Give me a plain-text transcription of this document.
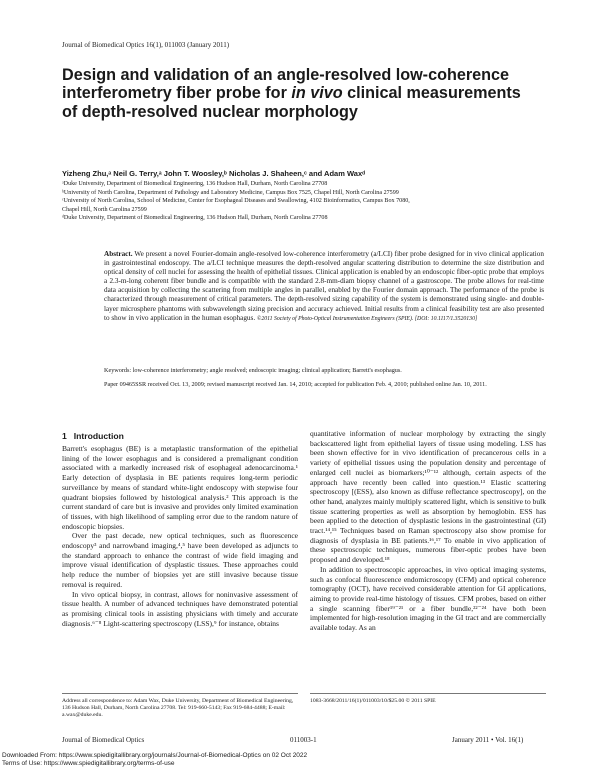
Journal of Biomedical Optics 16(1), 011003 (January 2011)
Design and validation of an angle-resolved low-coherence interferometry fiber probe for in vivo clinical measurements of depth-resolved nuclear morphology
Yizheng Zhu,ᵃ Neil G. Terry,ᵃ John T. Woosley,ᵇ Nicholas J. Shaheen,ᶜ and Adam Waxᵈ
ᵃDuke University, Department of Biomedical Engineering, 136 Hudson Hall, Durham, North Carolina 27708
ᵇUniversity of North Carolina, Department of Pathology and Laboratory Medicine, Campus Box 7525, Chapel Hill, North Carolina 27599
ᶜUniversity of North Carolina, School of Medicine, Center for Esophageal Diseases and Swallowing, 4102 Bioinformatics, Campus Box 7080, Chapel Hill, North Carolina 27599
ᵈDuke University, Department of Biomedical Engineering, 136 Hudson Hall, Durham, North Carolina 27708

Abstract. We present a novel Fourier-domain angle-resolved low-coherence interferometry (a/LCI) fiber probe designed for in vivo clinical application in gastrointestinal endoscopy. The a/LCI technique measures the depth-resolved angular scattering distribution to determine the size distribution and optical density of cell nuclei for assessing the health of epithelial tissues. Clinical application is enabled by an endoscopic fiber-optic probe that employs a 2.3-m-long coherent fiber bundle and is compatible with the standard 2.8-mm-diam biopsy channel of a gastroscope. The probe allows for real-time data acquisition by collecting the scattering from multiple angles in parallel, enabled by the Fourier domain approach. The performance of the probe is characterized through measurement of critical parameters. The depth-resolved sizing capability of the system is demonstrated using single- and double-layer microsphere phantoms with subwavelength sizing precision and accuracy achieved. Initial results from a clinical feasibility test are also presented to show in vivo application in the human esophagus. ©2011 Society of Photo-Optical Instrumentation Engineers (SPIE). [DOI: 10.1117/1.3520130]

Keywords: low-coherence interferometry; angle resolved; endoscopic imaging; clinical application; Barrett's esophagus.
Paper 09465SSR received Oct. 13, 2009; revised manuscript received Jan. 14, 2010; accepted for publication Feb. 4, 2010; published online Jan. 10, 2011.
1 Introduction

Barrett's esophagus (BE) is a metaplastic transformation of the epithelial lining of the lower esophagus and is considered a premalignant condition associated with a markedly increased risk of esophageal adenocarcinoma.¹ Early detection of dysplasia in BE patients requires long-term periodic surveillance by means of standard white-light endoscopy with stepwise four quadrant biopsies followed by histological analysis.² This approach is the current standard of care but is invasive and provides only limited examination of tissues, with high likelihood of sampling error due to the random nature of endoscopic biopsies.

Over the past decade, new optical techniques, such as fluorescence endoscopy³ and narrowband imaging,⁴,⁵ have been developed as adjuncts to the standard approach to enhance the contrast of wide field imaging and improve visual identification of dysplastic tissues. These approaches could help reduce the number of biopsies yet are still invasive because tissue removal is required.

In vivo optical biopsy, in contrast, allows for noninvasive assessment of tissue health. A number of advanced techniques have demonstrated potential as promising clinical tools in assisting physicians with timely and accurate diagnosis.⁶⁻⁸ Light-scattering spectroscopy (LSS),⁹ for instance, obtains

quantitative information of nuclear morphology by extracting the singly backscattered light from epithelial layers of tissue using modeling. LSS has been shown effective for in vivo identification of precancerous cells in a variety of epithelial tissues using the population density and percentage of enlarged cell nuclei as biomarkers;¹⁰⁻¹² although, certain aspects of the approach have recently been called into question.¹³ Elastic scattering spectroscopy [(ESS), also known as diffuse reflectance spectroscopy], on the other hand, analyzes mainly multiply scattered light, which is sensitive to bulk tissue scattering properties as well as absorption by hemoglobin. ESS has been applied to the detection of dysplastic lesions in the gastrointestinal (GI) tract.¹⁴,¹⁵ Techniques based on Raman spectroscopy also show promise for diagnosis of dysplasia in BE patients.¹⁶,¹⁷ To enable in vivo application of these spectroscopic techniques, numerous fiber-optic probes have been proposed and developed.¹⁸

In addition to spectroscopic approaches, in vivo optical imaging systems, such as confocal fluorescence endomicroscopy (CFM) and optical coherence tomography (OCT), have received considerable attention for GI applications, aiming to provide real-time histology of tissues. CFM probes, based on either a single scanning fiber¹⁹⁻²¹ or a fiber bundle,²²⁻²⁴ have both been implemented for high-resolution imaging in the GI tract and are commercially available today. As an

Address all correspondence to: Adam Wax, Duke University, Department of Biomedical Engineering, 136 Hudson Hall, Durham, North Carolina 27708. Tel: 919-660-5143; Fax 919-684-4488; E-mail: a.wax@duke.edu.
1083-3668/2011/16(1)/011003/10/$25.00 © 2011 SPIE
Journal of Biomedical Optics	011003-1	January 2011 • Vol. 16(1)
Downloaded From: https://www.spiedigitallibrary.org/journals/Journal-of-Biomedical-Optics on 02 Oct 2022
Terms of Use: https://www.spiedigitallibrary.org/terms-of-use
